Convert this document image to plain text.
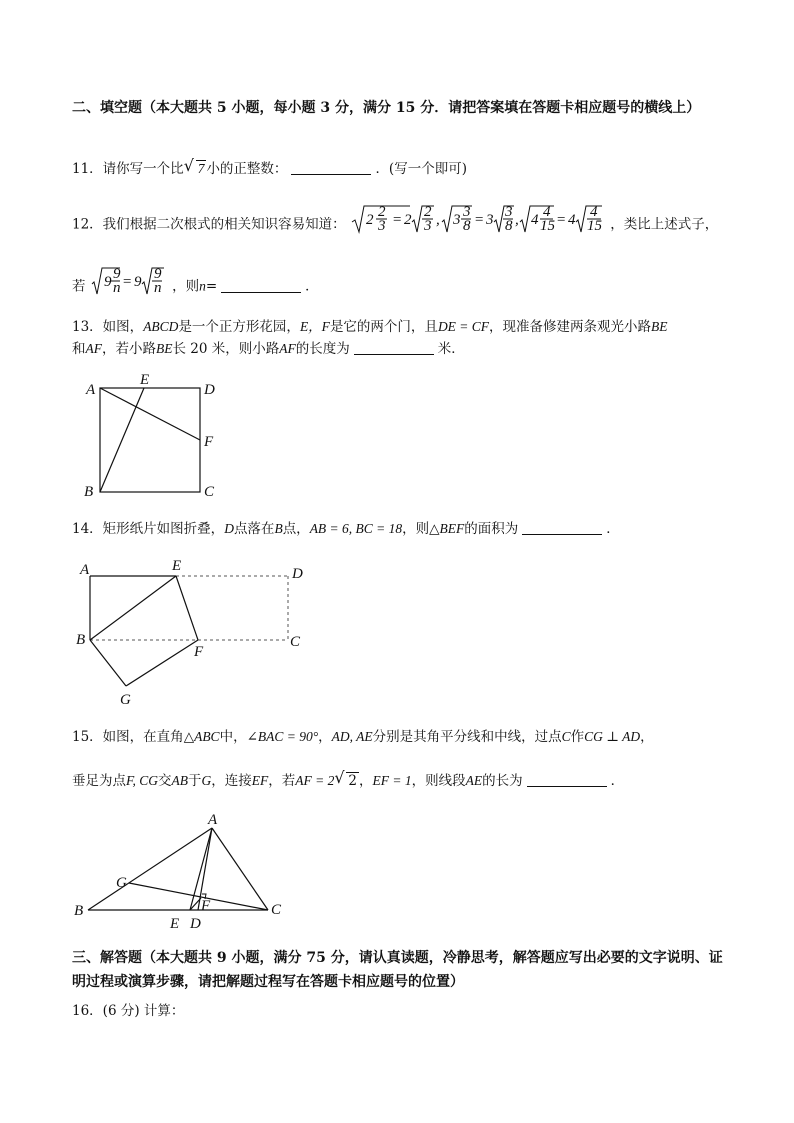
二、填空题（本大题共 5 小题，每小题 3 分，满分 15 分．请把答案填在答题卡相应题号的横线上）
11．请你写一个比 √ 7 小的正整数：	．(写一个即可)
12．我们根据二次根式的相关知识容易知道： 2 2
3 = 2 2
3 , 3 3
8 = 3 3
8 , 4 4
15 = 4 4
15 ，类比上述式子，
若 9 9
n = 9 9
n ，则n=	．
13．如图，ABCD是一个正方形花园，E，F是它的两个门，且DE = CF，现准备修建两条观光小路BE
和AF，若小路BE长 20 米，则小路AF的长度为	米．
A
E
D
F
B	C
14．矩形纸片如图折叠，D点落在B点，AB = 6, BC = 18，则△BEF的面积为	．
A	E	D
B
F
C
G
15．如图，在直角△ABC中，∠BAC = 90°，AD, AE分别是其角平分线和中线，过点C作CG ⊥ AD，
垂足为点F, CG交AB于G，连接EF，若AF = 2 √ 2 ，EF = 1，则线段AE的长为	．
A
G
B
E D
F	C
三、解答题（本大题共 9 小题，满分 75 分，请认真读题，冷静思考，解答题应写出必要的文字说明、证明过程或演算步骤，请把解题过程写在答题卡相应题号的位置）
16．(6 分) 计算：
